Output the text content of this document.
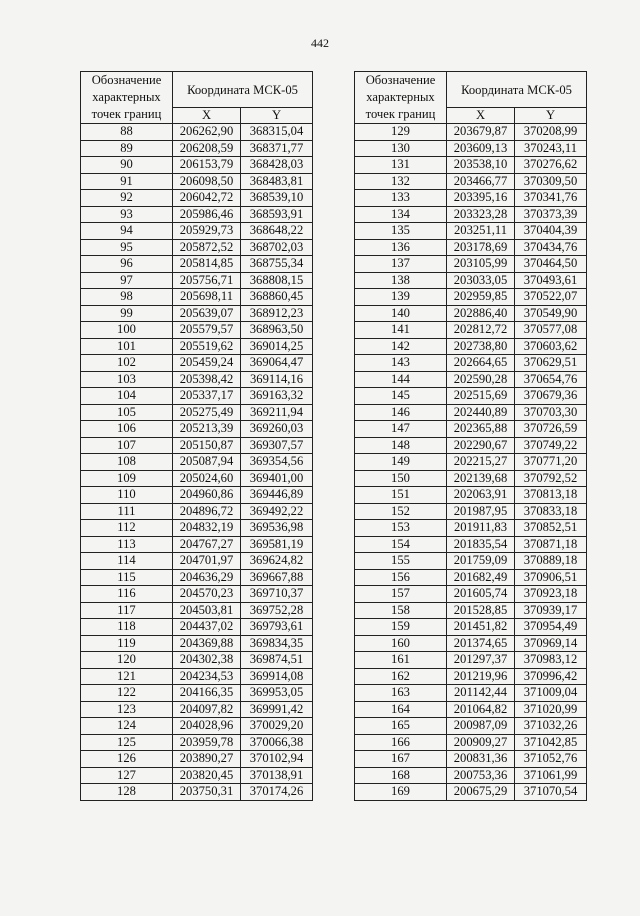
442
Обозначение характерных точек границ	Координата МСК-05	
	X	Y
88	206262,90	368315,04
89	206208,59	368371,77
90	206153,79	368428,03
91	206098,50	368483,81
92	206042,72	368539,10
93	205986,46	368593,91
94	205929,73	368648,22
95	205872,52	368702,03
96	205814,85	368755,34
97	205756,71	368808,15
98	205698,11	368860,45
99	205639,07	368912,23
100	205579,57	368963,50
101	205519,62	369014,25
102	205459,24	369064,47
103	205398,42	369114,16
104	205337,17	369163,32
105	205275,49	369211,94
106	205213,39	369260,03
107	205150,87	369307,57
108	205087,94	369354,56
109	205024,60	369401,00
110	204960,86	369446,89
111	204896,72	369492,22
112	204832,19	369536,98
113	204767,27	369581,19
114	204701,97	369624,82
115	204636,29	369667,88
116	204570,23	369710,37
117	204503,81	369752,28
118	204437,02	369793,61
119	204369,88	369834,35
120	204302,38	369874,51
121	204234,53	369914,08
122	204166,35	369953,05
123	204097,82	369991,42
124	204028,96	370029,20
125	203959,78	370066,38
126	203890,27	370102,94
127	203820,45	370138,91
128	203750,31	370174,26
Обозначение характерных точек границ	Координата МСК-05	
	X	Y
129	203679,87	370208,99
130	203609,13	370243,11
131	203538,10	370276,62
132	203466,77	370309,50
133	203395,16	370341,76
134	203323,28	370373,39
135	203251,11	370404,39
136	203178,69	370434,76
137	203105,99	370464,50
138	203033,05	370493,61
139	202959,85	370522,07
140	202886,40	370549,90
141	202812,72	370577,08
142	202738,80	370603,62
143	202664,65	370629,51
144	202590,28	370654,76
145	202515,69	370679,36
146	202440,89	370703,30
147	202365,88	370726,59
148	202290,67	370749,22
149	202215,27	370771,20
150	202139,68	370792,52
151	202063,91	370813,18
152	201987,95	370833,18
153	201911,83	370852,51
154	201835,54	370871,18
155	201759,09	370889,18
156	201682,49	370906,51
157	201605,74	370923,18
158	201528,85	370939,17
159	201451,82	370954,49
160	201374,65	370969,14
161	201297,37	370983,12
162	201219,96	370996,42
163	201142,44	371009,04
164	201064,82	371020,99
165	200987,09	371032,26
166	200909,27	371042,85
167	200831,36	371052,76
168	200753,36	371061,99
169	200675,29	371070,54
